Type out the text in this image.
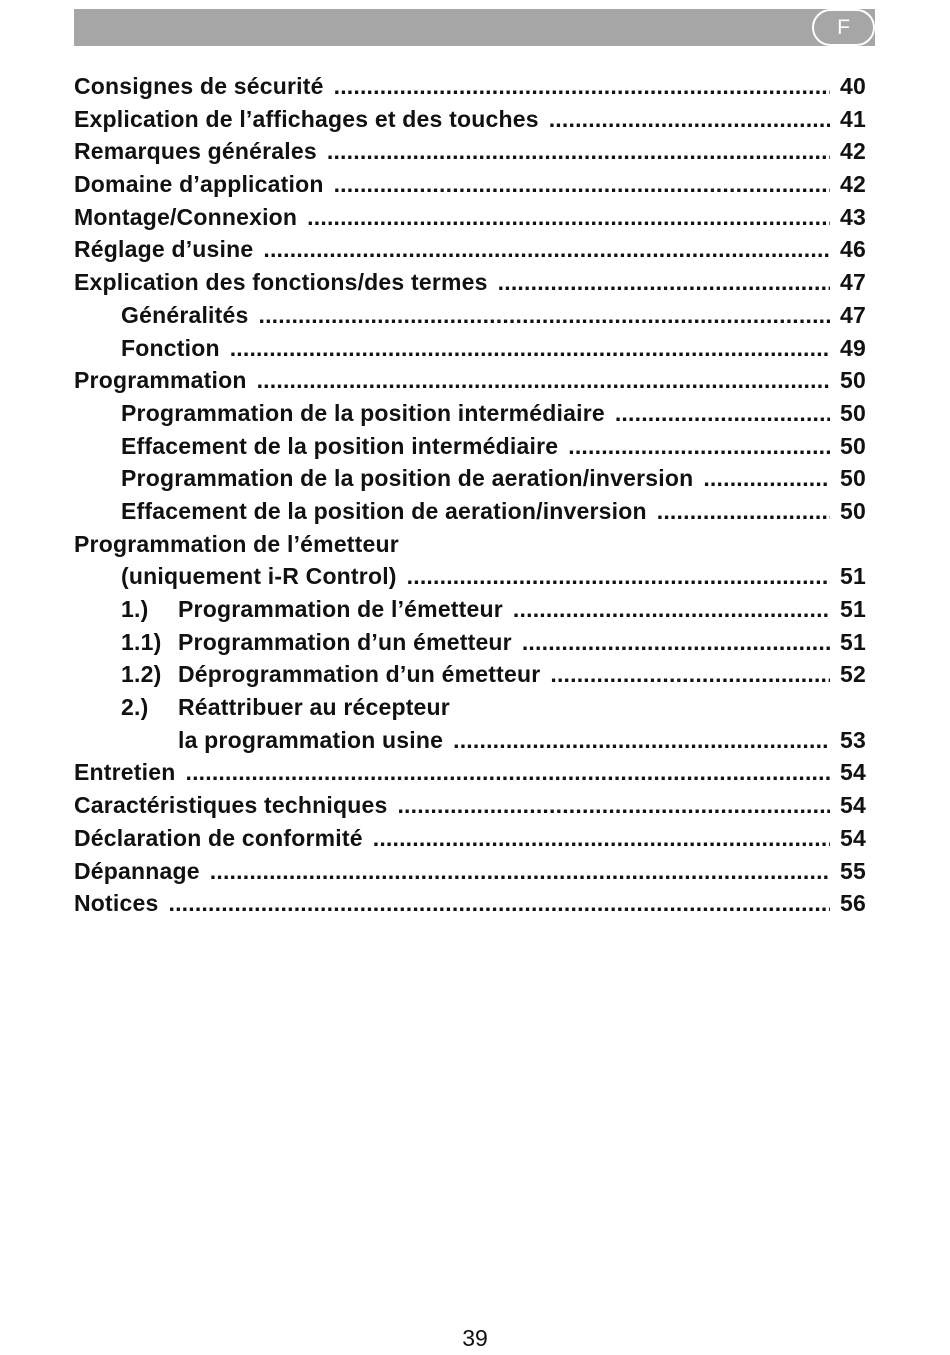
F
Consignes de sécurité .....	40
Explication de l’affichages et des touches .....	41
Remarques générales .....	42
Domaine d’application .....	42
Montage/Connexion .....	43
Réglage d’usine .....	46
Explication des fonctions/des termes .....	47
Généralités .....	47
Fonction .....	49
Programmation .....	50
Programmation de la position intermédiaire .....	50
Effacement de la position intermédiaire .....	50
Programmation de la position de aeration/inversion .....	50
Effacement de la position de aeration/inversion .....	50
Programmation de l’émetteur
(uniquement i-R Control) .....	51
1.)	Programmation de l’émetteur .....	51
1.1) Programmation d’un émetteur .....	51
1.2) Déprogrammation d’un émetteur .....	52
2.)	Réattribuer au récepteur
la programmation usine .....	53
Entretien .....	54
Caractéristiques techniques .....	54
Déclaration de conformité .....	54
Dépannage .....	55
Notices .....	56
39
